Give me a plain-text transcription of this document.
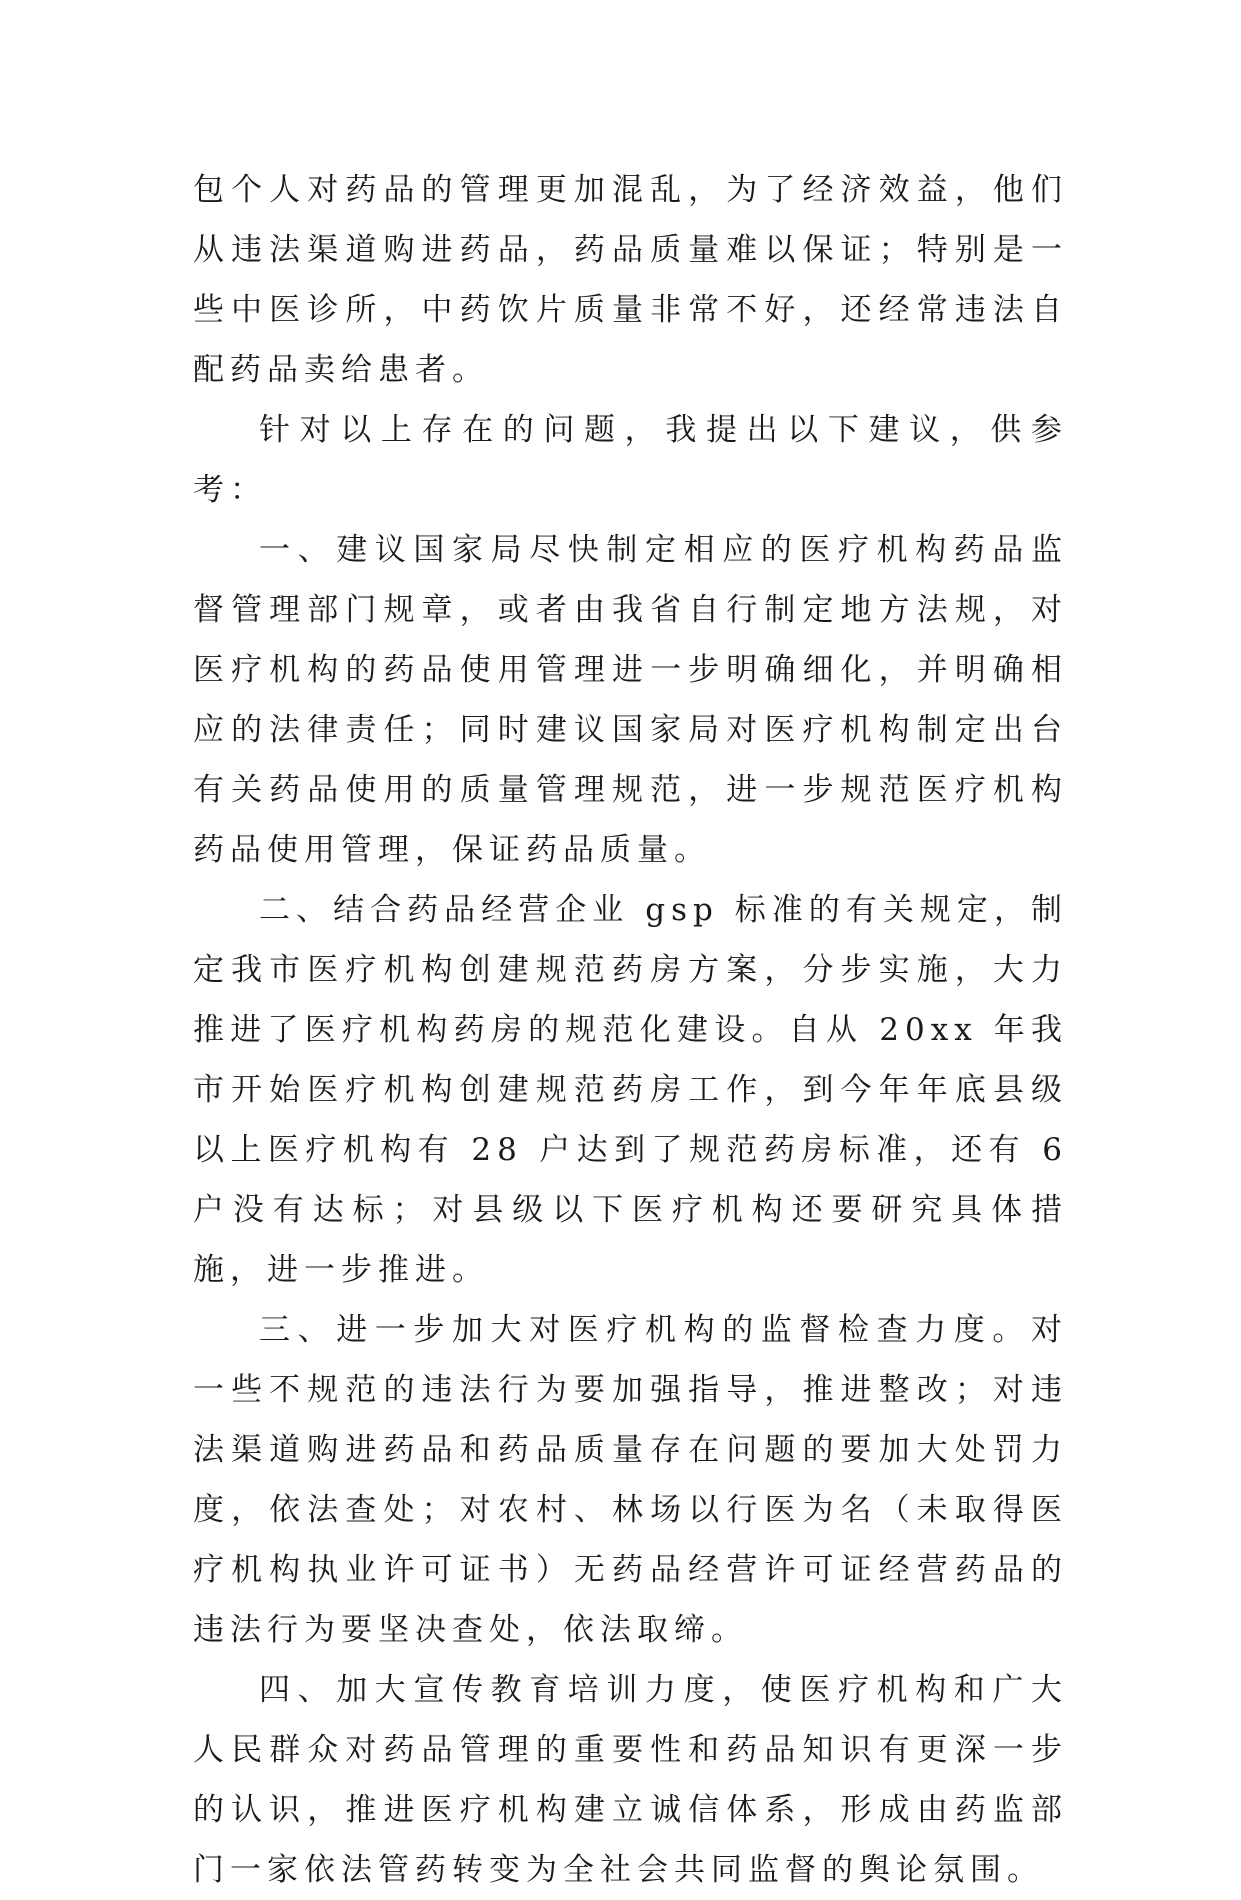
包个人对药品的管理更加混乱，为了经济效益，他们从违法渠道购进药品，药品质量难以保证；特别是一些中医诊所，中药饮片质量非常不好，还经常违法自配药品卖给患者。

针对以上存在的问题，我提出以下建议，供参考：

一、建议国家局尽快制定相应的医疗机构药品监督管理部门规章，或者由我省自行制定地方法规，对医疗机构的药品使用管理进一步明确细化，并明确相应的法律责任；同时建议国家局对医疗机构制定出台有关药品使用的质量管理规范，进一步规范医疗机构药品使用管理，保证药品质量。

二、结合药品经营企业 gsp 标准的有关规定，制定我市医疗机构创建规范药房方案，分步实施，大力推进了医疗机构药房的规范化建设。自从 20xx 年我市开始医疗机构创建规范药房工作，到今年年底县级以上医疗机构有 28 户达到了规范药房标准，还有 6 户没有达标；对县级以下医疗机构还要研究具体措施，进一步推进。

三、进一步加大对医疗机构的监督检查力度。对一些不规范的违法行为要加强指导，推进整改；对违法渠道购进药品和药品质量存在问题的要加大处罚力度，依法查处；对农村、林场以行医为名（未取得医疗机构执业许可证书）无药品经营许可证经营药品的违法行为要坚决查处，依法取缔。

四、加大宣传教育培训力度，使医疗机构和广大人民群众对药品管理的重要性和药品知识有更深一步的认识，推进医疗机构建立诚信体系，形成由药监部门一家依法管药转变为全社会共同监督的舆论氛围。
